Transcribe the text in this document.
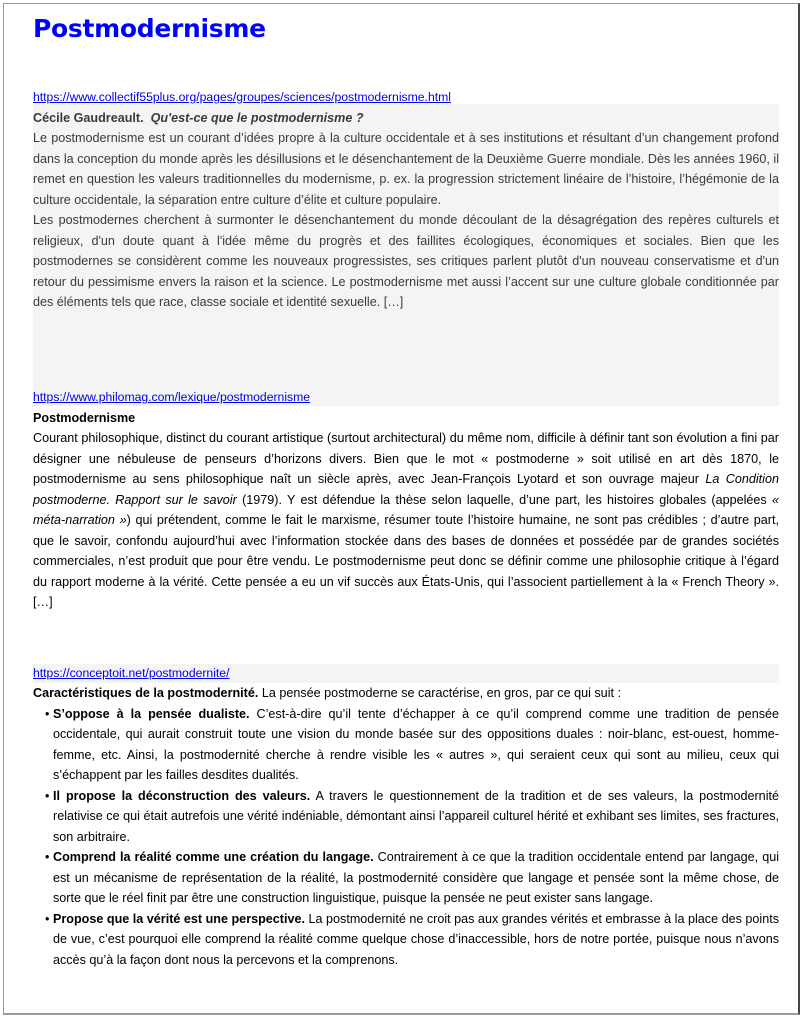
Postmodernisme
https://www.collectif55plus.org/pages/groupes/sciences/postmodernisme.html
Cécile Gaudreault. Qu'est-ce que le postmodernisme ?

Le postmodernisme est un courant d’idées propre à la culture occidentale et à ses institutions et résultant d’un changement profond dans la conception du monde après les désillusions et le désenchantement de la Deuxième Guerre mondiale. Dès les années 1960, il remet en question les valeurs traditionnelles du modernisme, p. ex. la progression strictement linéaire de l’histoire, l’hégémonie de la culture occidentale, la séparation entre culture d’élite et culture populaire.

Les postmodernes cherchent à surmonter le désenchantement du monde découlant de la désagrégation des repères culturels et religieux, d'un doute quant à l'idée même du progrès et des faillites écologiques, économiques et sociales. Bien que les postmodernes se considèrent comme les nouveaux progressistes, ses critiques parlent plutôt d'un nouveau conservatisme et d'un retour du pessimisme envers la raison et la science. Le postmodernisme met aussi l’accent sur une culture globale conditionnée par des éléments tels que race, classe sociale et identité sexuelle. […]

https://www.philomag.com/lexique/postmodernisme
Postmodernisme

Courant philosophique, distinct du courant artistique (surtout architectural) du même nom, difficile à définir tant son évolution a fini par désigner une nébuleuse de penseurs d’horizons divers. Bien que le mot « postmoderne » soit utilisé en art dès 1870, le postmodernisme au sens philosophique naît un siècle après, avec Jean-François Lyotard et son ouvrage majeur La Condition postmoderne. Rapport sur le savoir (1979). Y est défendue la thèse selon laquelle, d’une part, les histoires globales (appelées « méta-narration ») qui prétendent, comme le fait le marxisme, résumer toute l’histoire humaine, ne sont pas crédibles ; d’autre part, que le savoir, confondu aujourd’hui avec l’information stockée dans des bases de données et possédée par de grandes sociétés commerciales, n’est produit que pour être vendu. Le postmodernisme peut donc se définir comme une philosophie critique à l’égard du rapport moderne à la vérité. Cette pensée a eu un vif succès aux États-Unis, qui l’associent partiellement à la « French Theory ». […]

https://conceptoit.net/postmodernite/
Caractéristiques de la postmodernité. La pensée postmoderne se caractérise, en gros, par ce qui suit :
• S’oppose à la pensée dualiste. C’est-à-dire qu’il tente d’échapper à ce qu’il comprend comme une tradition de pensée occidentale, qui aurait construit toute une vision du monde basée sur des oppositions duales : noir-blanc, est-ouest, homme-femme, etc. Ainsi, la postmodernité cherche à rendre visible les « autres », qui seraient ceux qui sont au milieu, ceux qui s’échappent par les failles desdites dualités.
• Il propose la déconstruction des valeurs. A travers le questionnement de la tradition et de ses valeurs, la postmodernité relativise ce qui était autrefois une vérité indéniable, démontant ainsi l’appareil culturel hérité et exhibant ses limites, ses fractures, son arbitraire.
• Comprend la réalité comme une création du langage. Contrairement à ce que la tradition occidentale entend par langage, qui est un mécanisme de représentation de la réalité, la postmodernité considère que langage et pensée sont la même chose, de sorte que le réel finit par être une construction linguistique, puisque la pensée ne peut exister sans langage.
• Propose que la vérité est une perspective. La postmodernité ne croit pas aux grandes vérités et embrasse à la place des points de vue, c’est pourquoi elle comprend la réalité comme quelque chose d’inaccessible, hors de notre portée, puisque nous n’avons accès qu’à la façon dont nous la percevons et la comprenons.
